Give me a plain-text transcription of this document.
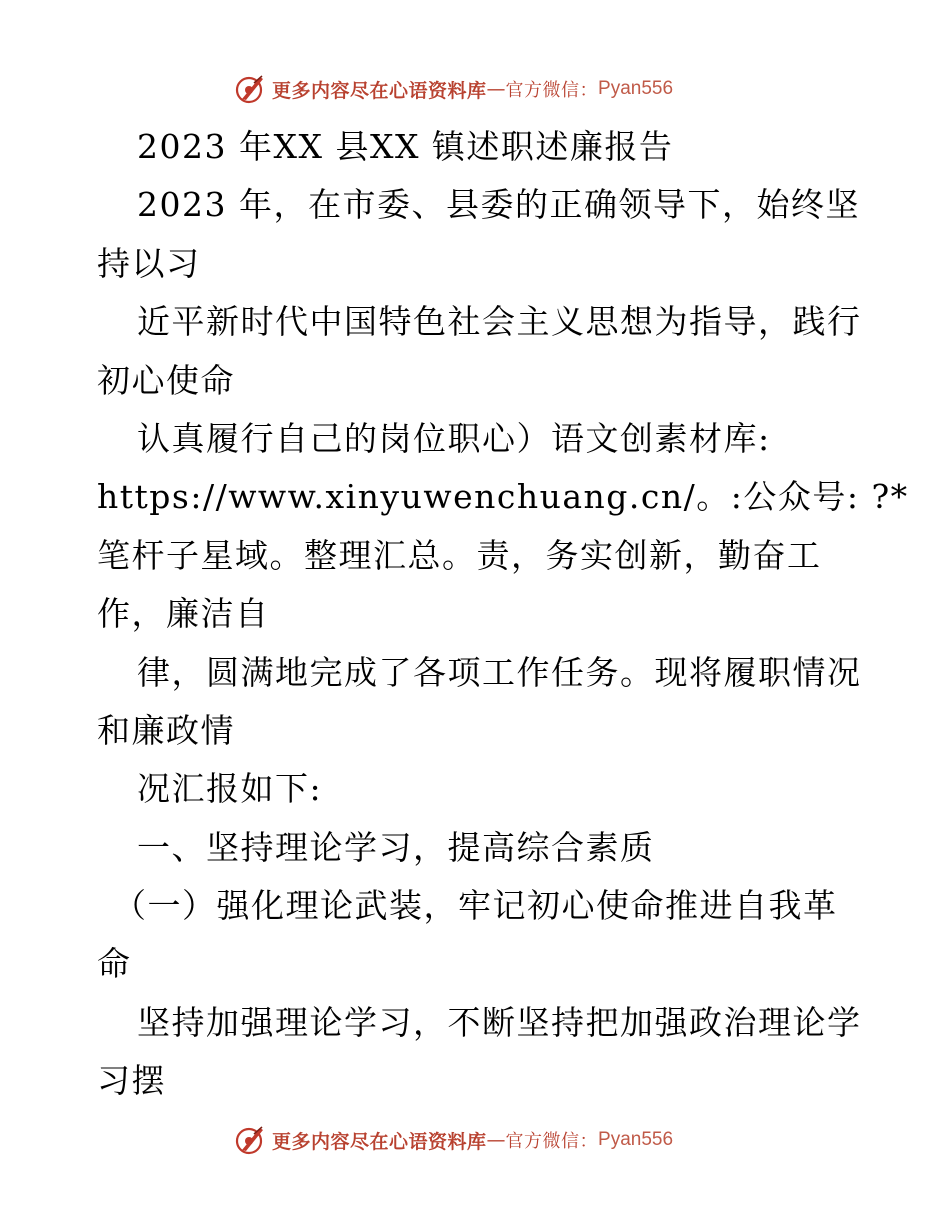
更多内容尽在心语资料库 — 官方微信： Pyan556
2023 年XX 县XX 镇述职述廉报告
2023 年，在市委、县委的正确领导下，始终坚
持以习
近平新时代中国特色社会主义思想为指导，践行
初心使命
认真履行自己的岗位职心）语文创素材库:
https://www.xinyuwenchuang.cn/。:公众号: ?*
笔杆子星域。整理汇总。责，务实创新，勤奋工
作，廉洁自
律，圆满地完成了各项工作任务。现将履职情况
和廉政情
况汇报如下:
一、坚持理论学习，提高综合素质
（一）强化理论武装，牢记初心使命推进自我革
命
坚持加强理论学习，不断坚持把加强政治理论学
习摆
更多内容尽在心语资料库 — 官方微信： Pyan556
